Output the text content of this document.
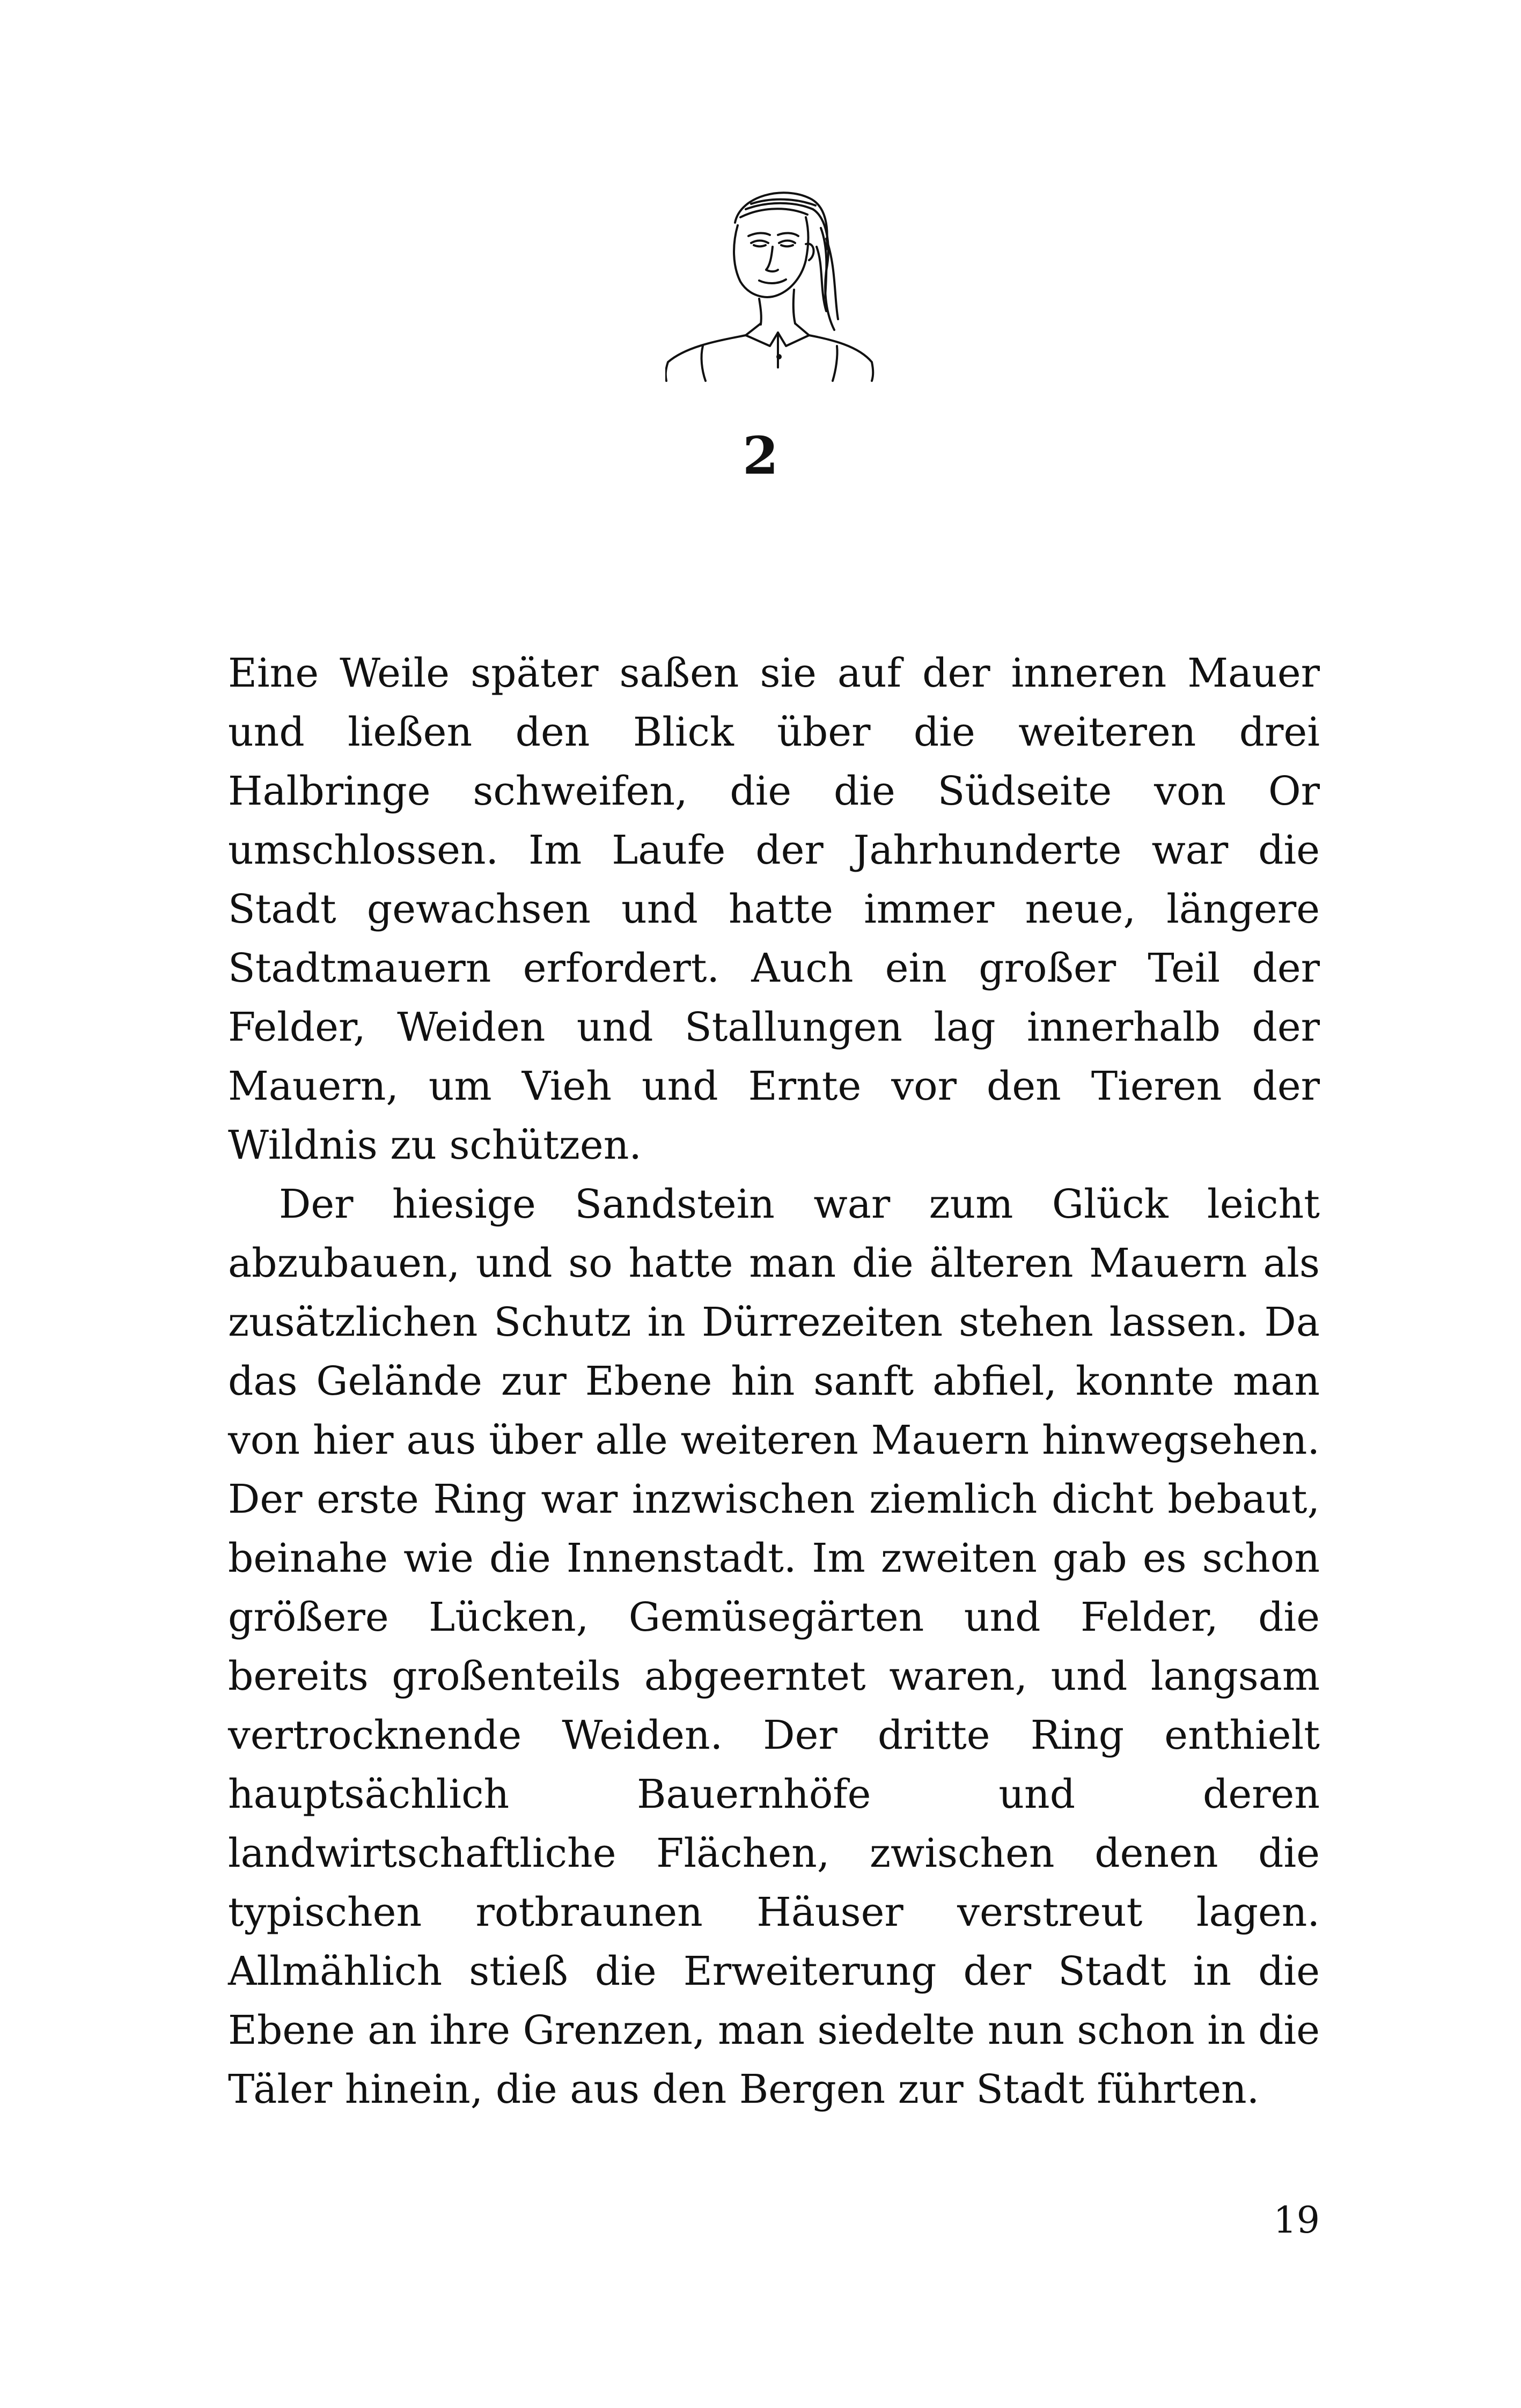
2

Eine Weile später saßen sie auf der inneren Mauer und ließen den Blick über die weiteren drei Halbringe schweifen, die die Südseite von Or umschlossen. Im Laufe der Jahrhunderte war die Stadt gewachsen und hatte immer neue, längere Stadtmauern erfordert. Auch ein großer Teil der Felder, Weiden und Stallungen lag innerhalb der Mauern, um Vieh und Ernte vor den Tieren der Wildnis zu schützen.

Der hiesige Sandstein war zum Glück leicht abzubauen, und so hatte man die älteren Mauern als zusätzlichen Schutz in Dürrezeiten stehen lassen. Da das Gelände zur Ebene hin sanft abfiel, konnte man von hier aus über alle weiteren Mauern hinwegsehen. Der erste Ring war inzwischen ziemlich dicht bebaut, beinahe wie die Innenstadt. Im zweiten gab es schon größere Lücken, Gemüsegärten und Felder, die bereits großenteils abgeerntet waren, und langsam vertrocknende Weiden. Der dritte Ring enthielt hauptsächlich Bauernhöfe und deren landwirtschaftliche Flächen, zwischen denen die typischen rotbraunen Häuser verstreut lagen. Allmählich stieß die Erweiterung der Stadt in die Ebene an ihre Grenzen, man siedelte nun schon in die Täler hinein, die aus den Bergen zur Stadt führten.

19
